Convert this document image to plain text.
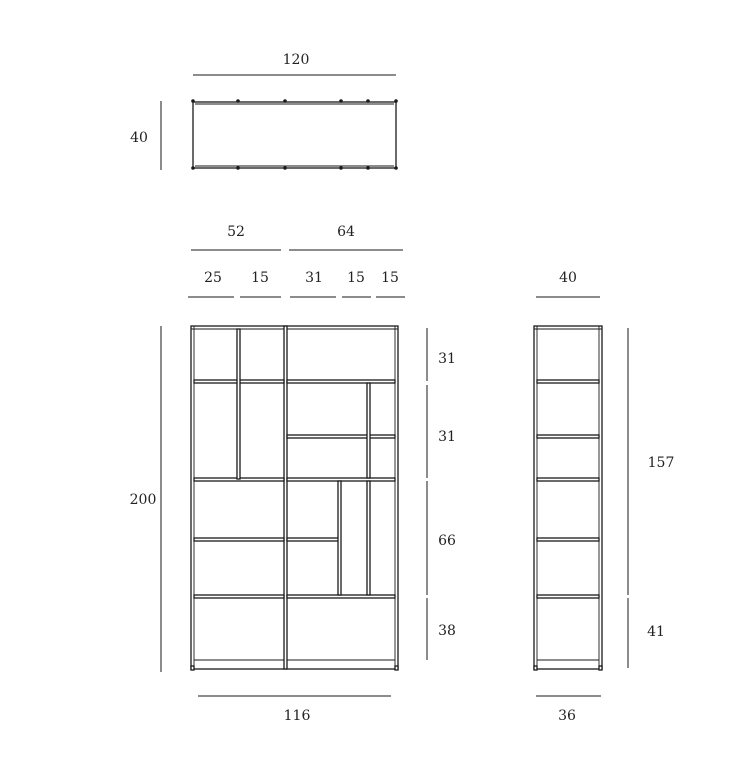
120
40
52	64
25 15	31 15 15
200
31
31
66
38
116
40
157
41
36
